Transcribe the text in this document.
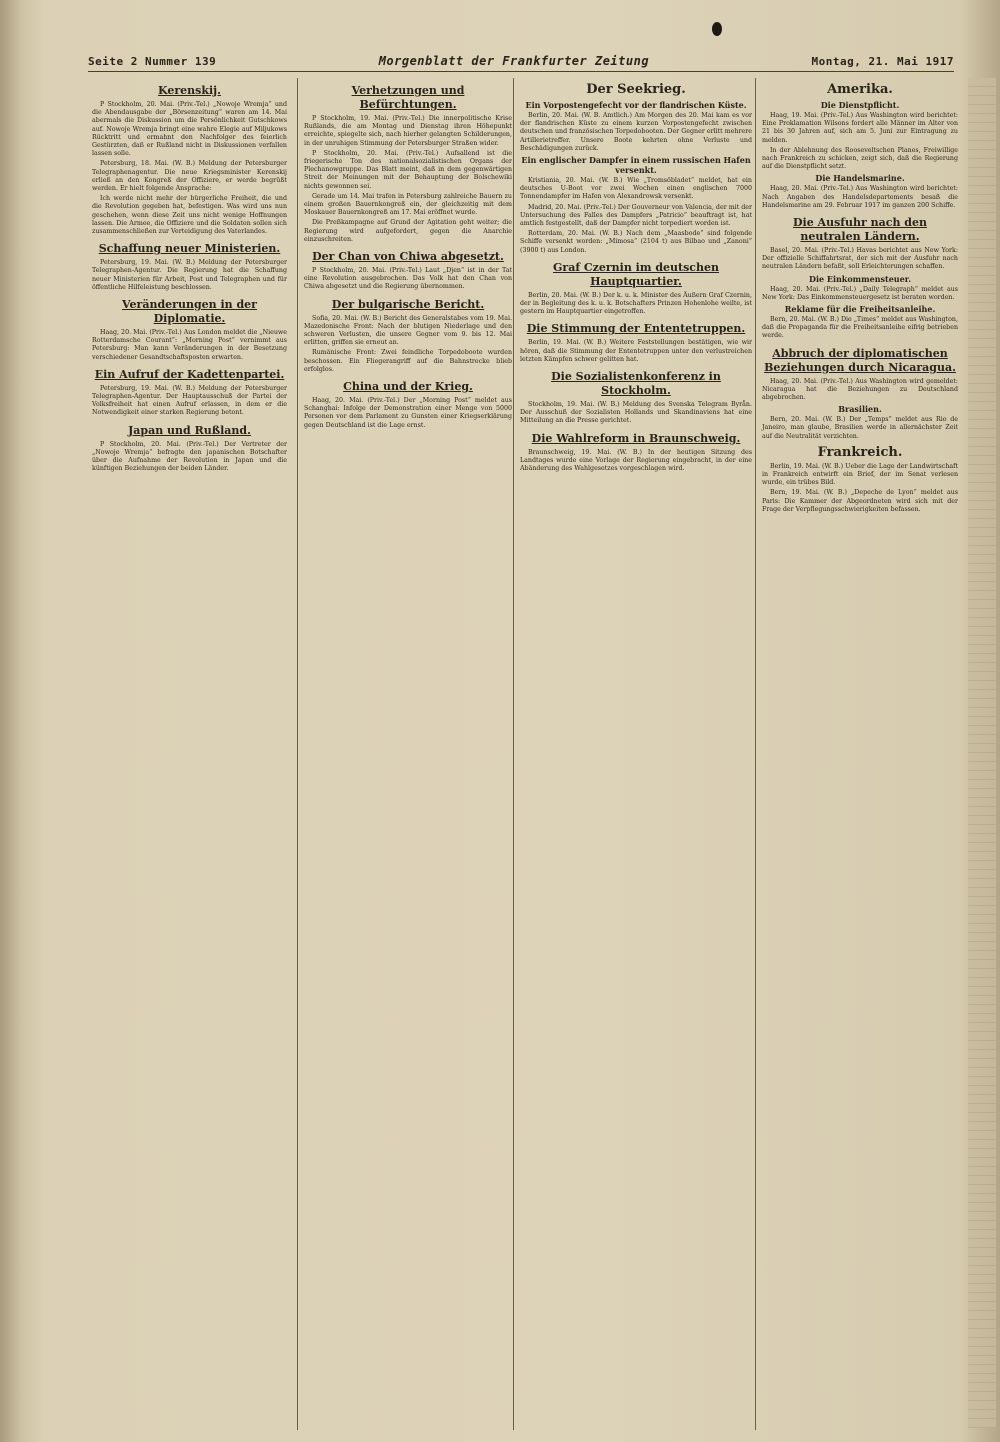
Seite 2 Nummer 139	Morgenblatt der Frankfurter Zeitung	Montag, 21. Mai 1917
Kerenskij.
P Stockholm, 20. Mai. (Priv.-Tel.) „Nowoje Wremja“ und die Abendausgabe der „Börsenzeitung“ waren am 14. Mai abermals die Diskussion um die Persönlichkeit Gutschkows auf. Nowoje Wremja bringt eine wahre Elegie auf Miljukows Rücktritt und ermahnt den Nachfolger des feierlich Gestürzten, daß er Rußland nicht in Diskussionen verfallen lassen solle.
Petersburg, 18. Mai. (W. B.) Meldung der Petersburger Telegraphenagentur. Die neue Kriegsminister Kerenskij erließ an den Kongreß der Offiziere, er werde begrüßt werden. Er hielt folgende Ansprache:
Ich werde nicht mehr der bürgerliche Freiheit, die und die Revolution gegeben hat, befestigen. Was wird uns nun geschehen, wenn diese Zeit uns nicht wenige Hoffnungen lassen. Die Armee, die Offiziere und die Soldaten sollen sich zusammenschließen zur Verteidigung des Vaterlandes.
Schaffung neuer Ministerien.
Petersburg, 19. Mai. (W. B.) Meldung der Petersburger Telegraphen-Agentur. Die Regierung hat die Schaffung neuer Ministerien für Arbeit, Post und Telegraphen und für öffentliche Hilfeleistung beschlossen.
Veränderungen in der Diplomatie.
Haag, 20. Mai. (Priv.-Tel.) Aus London meldet die „Nieuwe Rotterdamsche Courant“: „Morning Post“ vernimmt aus Petersburg: Man kann Veränderungen in der Besetzung verschiedener Gesandtschaftsposten erwarten.
Ein Aufruf der Kadettenpartei.
Petersburg, 19. Mai. (W. B.) Meldung der Petersburger Telegraphen-Agentur. Der Hauptausschuß der Partei der Volksfreiheit hat einen Aufruf erlassen, in dem er die Notwendigkeit einer starken Regierung betont.
Japan und Rußland.
P Stockholm, 20. Mai. (Priv.-Tel.) Der Vertreter der „Nowoje Wremja“ befragte den japanischen Botschafter über die Aufnahme der Revolution in Japan und die künftigen Beziehungen der beiden Länder.
Verhetzungen und Befürchtungen.
P Stockholm, 19. Mai. (Priv.-Tel.) Die innerpolitische Krise Rußlands, die am Montag und Dienstag ihren Höhepunkt erreichte, spiegelte sich, nach hierher gelangten Schilderungen, in der unruhigen Stimmung der Petersburger Straßen wider.
P Stockholm, 20. Mai. (Priv.-Tel.) Aufsallend ist die friegerische Ton des nationalsozialistischen Organs der Plechanowgruppe. Das Blatt meint, daß in dem gegenwärtigen Streit der Meinungen mit der Behauptung der Bolschewiki nichts gewonnen sei.
Gerade um 14. Mai trafen in Petersburg zahlreiche Bauern zu einem großen Bauernkongreß ein, der gleichzeitig mit dem Moskauer Bauernkongreß am 17. Mai eröffnet wurde.
Die Preßkampagne auf Grund der Agitation geht weiter; die Regierung wird aufgefordert, gegen die Anarchie einzuschreiten.
Der Chan von Chiwa abgesetzt.
P Stockholm, 20. Mai. (Priv.-Tel.) Laut „Djen“ ist in der Tat eine Revolution ausgebrochen. Das Volk hat den Chan von Chiwa abgesetzt und die Regierung übernommen.
Der bulgarische Bericht.
Sofia, 20. Mai. (W. B.) Bericht des Generalstabes vom 19. Mai. Mazedonische Front: Nach der blutigen Niederlage und den schweren Verlusten, die unsere Gegner vom 9. bis 12. Mai erlitten, griffen sie erneut an.
Rumänische Front: Zwei feindliche Torpedoboote wurden beschossen. Ein Fliegerangriff auf die Bahnstrecke blieb erfolglos.
China und der Krieg.
Haag, 20. Mai. (Priv.-Tel.) Der „Morning Post“ meldet aus Schanghai: Infolge der Demonstration einer Menge von 5000 Personen vor dem Parlament zu Gunsten einer Kriegserklärung gegen Deutschland ist die Lage ernst.
Der Seekrieg.
Ein Vorpostengefecht vor der flandrischen Küste.
Berlin, 20. Mai. (W. B. Amtlich.) Am Morgen des 20. Mai kam es vor der flandrischen Küste zu einem kurzen Vorpostengefecht zwischen deutschen und französischen Torpedobooten. Der Gegner erlitt mehrere Artillerietreffer. Unsere Boote kehrten ohne Verluste und Beschädigungen zurück.
Ein englischer Dampfer in einem russischen Hafen versenkt.
Kristiania, 20. Mai. (W. B.) Wie „Tromsöbladet“ meldet, hat ein deutsches U-Boot vor zwei Wochen einen englischen 7000 Tonnendampfer im Hafen von Alexandrowsk versenkt.
Madrid, 20. Mai. (Priv.-Tel.) Der Gouverneur von Valencia, der mit der Untersuchung des Falles des Dampfers „Patricio“ beauftragt ist, hat amtlich festgestellt, daß der Dampfer nicht torpediert worden ist.
Rotterdam, 20. Mai. (W. B.) Nach dem „Maasbode“ sind folgende Schiffe versenkt worden: „Mimosa“ (2104 t) aus Bilbao und „Zanoni“ (3900 t) aus London.
Graf Czernin im deutschen Hauptquartier.
Berlin, 20. Mai. (W. B.) Der k. u. k. Minister des Äußern Graf Czernin, der in Begleitung des k. u. k. Botschafters Prinzen Hohenlohe weilte, ist gestern im Hauptquartier eingetroffen.
Die Stimmung der Ententetruppen.
Berlin, 19. Mai. (W. B.) Weitere Feststellungen bestätigen, wie wir hören, daß die Stimmung der Ententetruppen unter den verlustreichen letzten Kämpfen schwer gelitten hat.
Die Sozialistenkonferenz in Stockholm.
Stockholm, 19. Mai. (W. B.) Meldung des Svenska Telegram Byrån. Der Ausschuß der Sozialisten Hollands und Skandinaviens hat eine Mitteilung an die Presse gerichtet.
Die Wahlreform in Braunschweig.
Braunschweig, 19. Mai. (W. B.) In der heutigen Sitzung des Landtages wurde eine Vorlage der Regierung eingebracht, in der eine Abänderung des Wahlgesetzes vorgeschlagen wird.
Amerika.
Die Dienstpflicht.
Haag, 19. Mai. (Priv.-Tel.) Aus Washington wird berichtet: Eine Proklamation Wilsons fordert alle Männer im Alter von 21 bis 30 Jahren auf, sich am 5. Juni zur Eintragung zu melden.
In der Ablehnung des Rooseveltschen Planes, Freiwillige nach Frankreich zu schicken, zeigt sich, daß die Regierung auf die Dienstpflicht setzt.
Die Handelsmarine.
Haag, 20. Mai. (Priv.-Tel.) Aus Washington wird berichtet: Nach Angaben des Handelsdepartements besaß die Handelsmarine am 29. Februar 1917 im ganzen 200 Schiffe.
Die Ausfuhr nach den neutralen Ländern.
Basel, 20. Mai. (Priv.-Tel.) Havas berichtet aus New York: Der offizielle Schiffahrtsrat, der sich mit der Ausfuhr nach neutralen Ländern befaßt, soll Erleichterungen schaffen.
Die Einkommensteuer.
Haag, 20. Mai. (Priv.-Tel.) „Daily Telegraph“ meldet aus New York: Das Einkommensteuergesetz ist beraten worden.
Reklame für die Freiheitsanleihe.
Bern, 20. Mai. (W. B.) Die „Times“ meldet aus Washington, daß die Propaganda für die Freiheitsanleihe eifrig betrieben werde.
Abbruch der diplomatischen Beziehungen durch Nicaragua.
Haag, 20. Mai. (Priv.-Tel.) Aus Washington wird gemeldet: Nicaragua hat die Beziehungen zu Deutschland abgebrochen.
Brasilien.
Bern, 20. Mai. (W. B.) Der „Temps“ meldet aus Rio de Janeiro, man glaube, Brasilien werde in allernächster Zeit auf die Neutralität verzichten.
Frankreich.
Berlin, 19. Mai. (W. B.) Ueber die Lage der Landwirtschaft in Frankreich entwirft ein Brief, der im Senat verlesen wurde, ein trübes Bild.
Bern, 19. Mai. (W. B.) „Depeche de Lyon“ meldet aus Paris: Die Kammer der Abgeordneten wird sich mit der Frage der Verpflegungsschwierigkeiten befassen.
